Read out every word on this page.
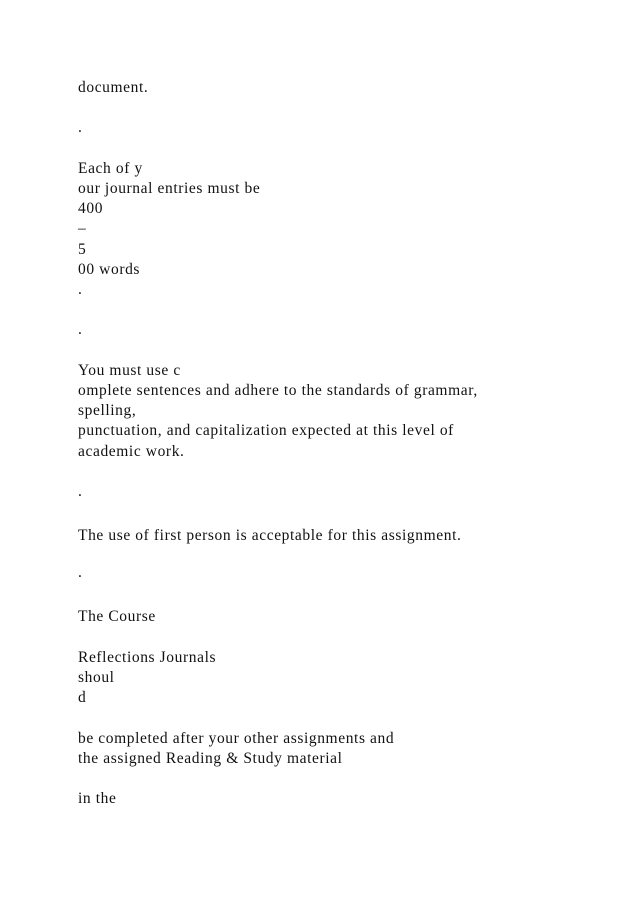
document.
.
Each of y
our journal entries must be
400
–
5
00 words
.
.
You must use c
omplete sentences and adhere to the standards of grammar,
spelling,
punctuation, and capitalization expected at this level of
academic work.
.
The use of first person is acceptable for this assignment.
.
The Course
Reflections Journals
shoul
d
be completed after your other assignments and
the assigned Reading & Study material
in the
